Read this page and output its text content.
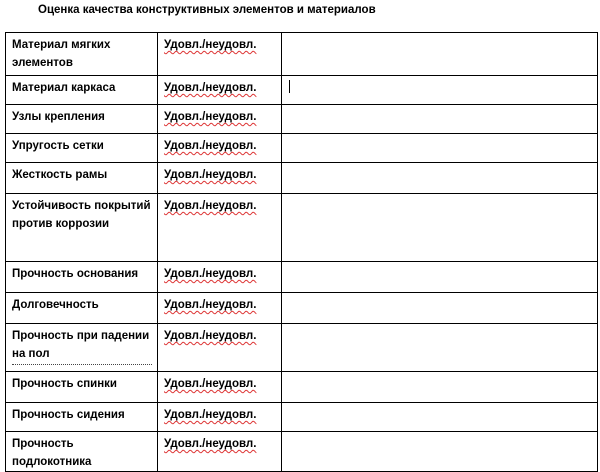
Оценка качества конструктивных элементов и материалов
Материал мягких элементов	Удовл./неудовл.	

Материал каркаса	Удовл./неудовл.	

Узлы крепления	Удовл./неудовл.	

Упругость сетки	Удовл./неудовл.	

Жесткость рамы	Удовл./неудовл.	

Устойчивость покрытий против коррозии	Удовл./неудовл.	

Прочность основания	Удовл./неудовл.	

Долговечность	Удовл./неудовл.	
Прочность при падении на пол	Удовл./неудовл.	

Прочность спинки	Удовл./неудовл.	

Прочность сидения	Удовл./неудовл.	

Прочность подлокотника	Удовл./неудовл.	
